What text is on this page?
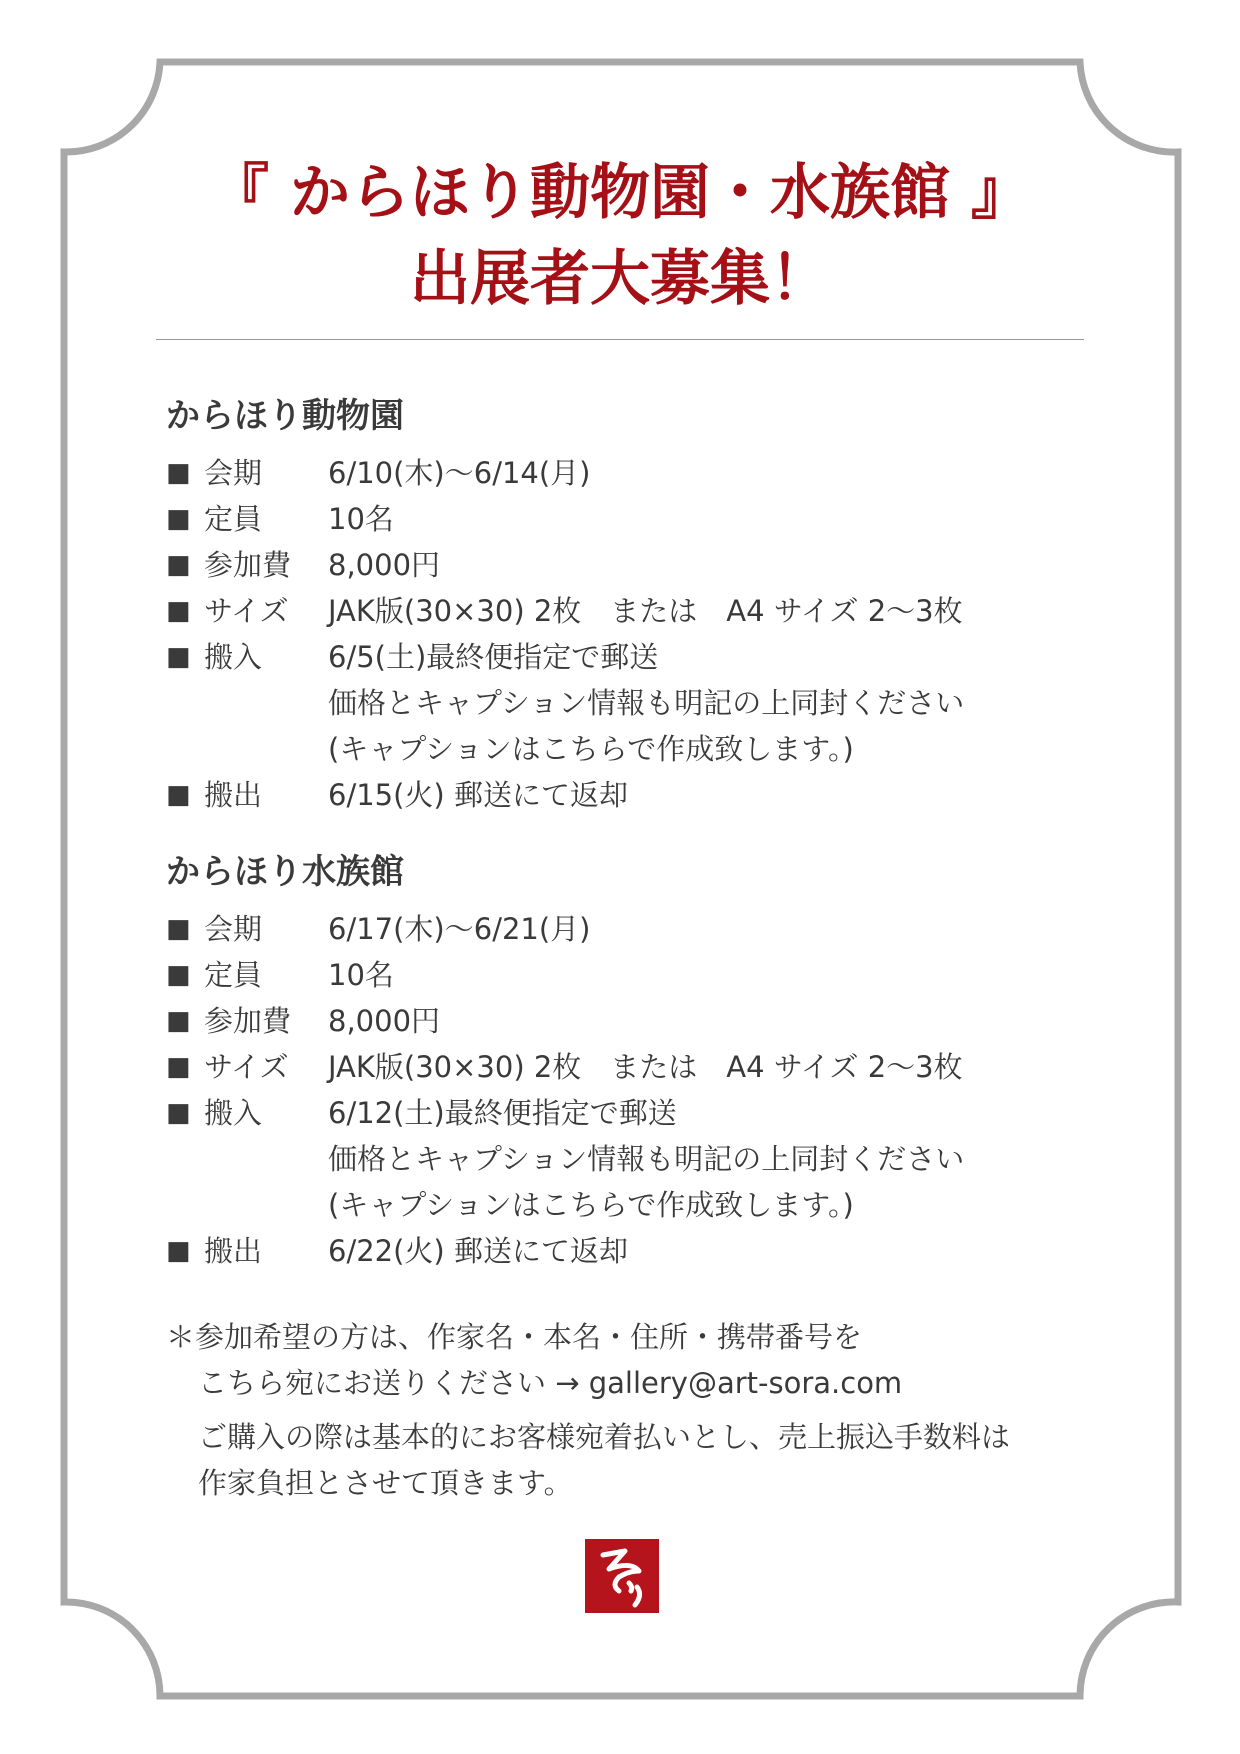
『 からほり動物園・水族館 』
出展者大募集！
からほり動物園
■ 会期	6/10(木)〜6/14(月)
■ 定員	10名
■ 参加費	8,000円
■ サイズ	JAK版(30×30) 2枚　または　A4 サイズ 2〜3枚
■ 搬入	6/5(土)最終便指定で郵送
価格とキャプション情報も明記の上同封ください
(キャプションはこちらで作成致します。)
■ 搬出	6/15(火) 郵送にて返却
からほり水族館
■ 会期	6/17(木)〜6/21(月)
■ 定員	10名
■ 参加費	8,000円
■ サイズ	JAK版(30×30) 2枚　または　A4 サイズ 2〜3枚
■ 搬入	6/12(土)最終便指定で郵送
価格とキャプション情報も明記の上同封ください
(キャプションはこちらで作成致します。)
■ 搬出	6/22(火) 郵送にて返却
＊参加希望の方は、作家名・本名・住所・携帯番号を
こちら宛にお送りください → gallery@art-sora.com
ご購入の際は基本的にお客様宛着払いとし、売上振込手数料は
作家負担とさせて頂きます。
